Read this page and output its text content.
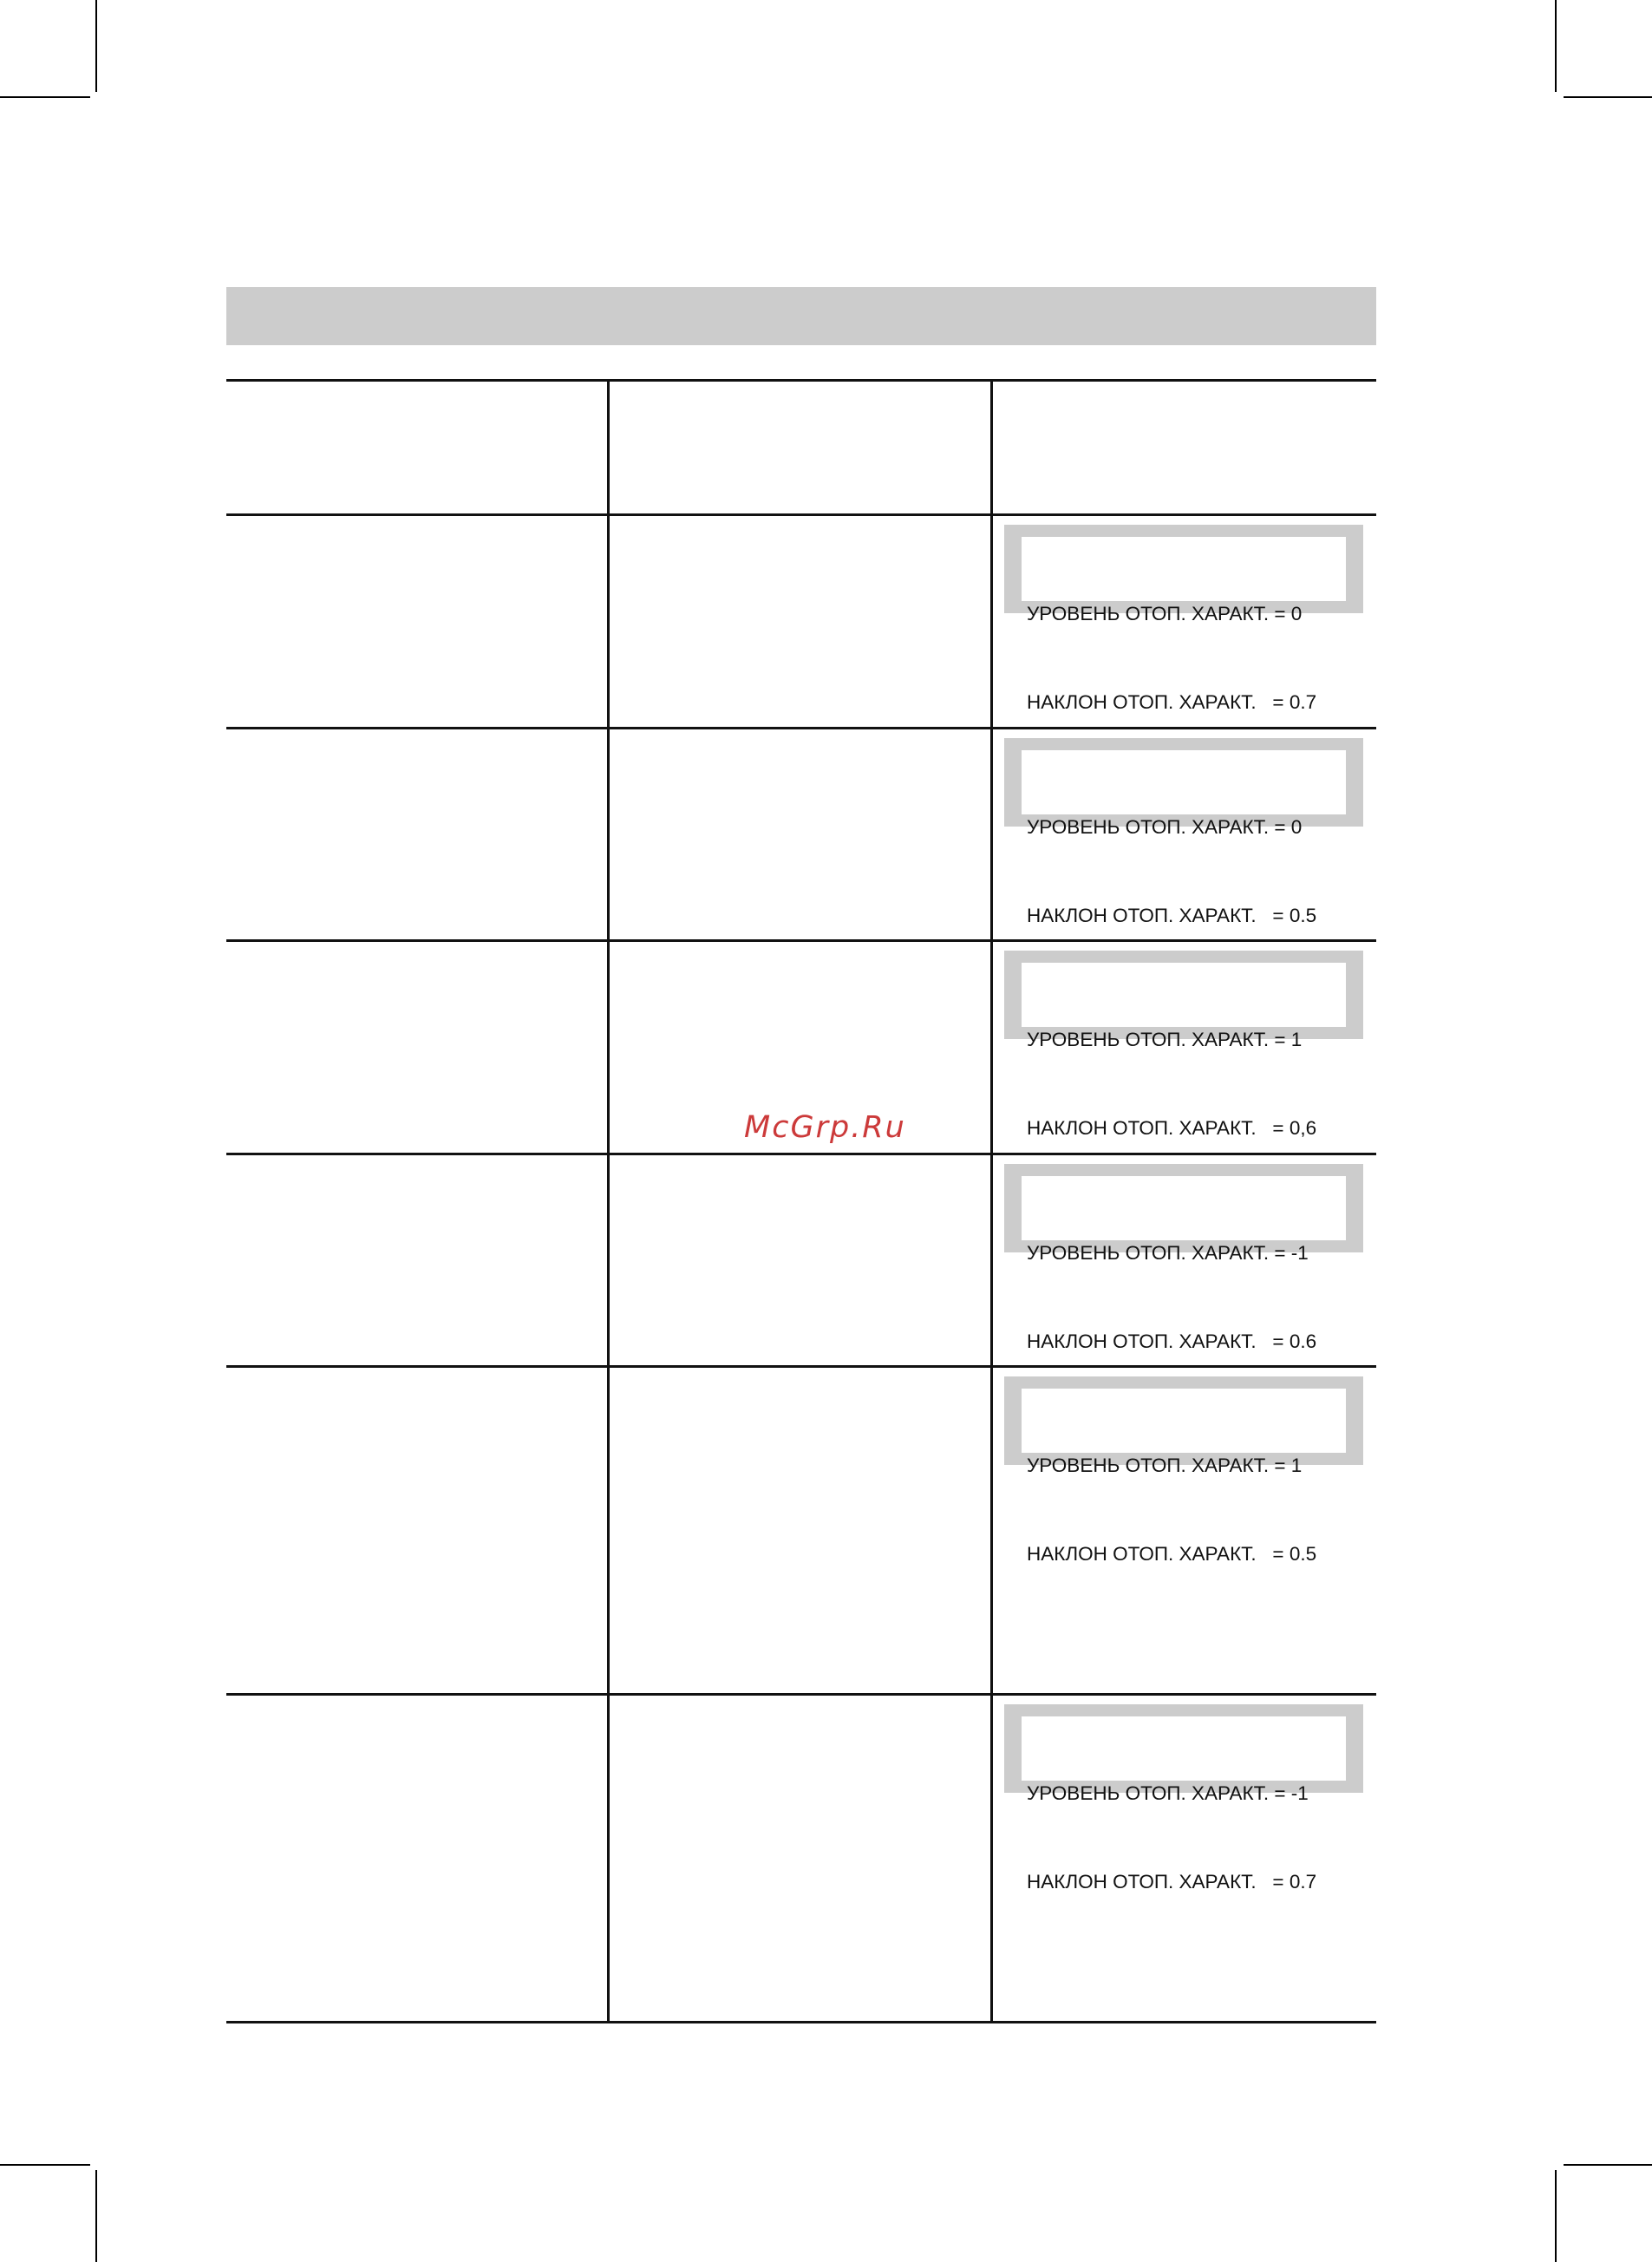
УРОВЕНЬ ОТОП. ХАРАКТ. = 0

НАКЛОН ОТОП. ХАРАКТ.   = 0.7

УРОВЕНЬ ОТОП. ХАРАКТ. = 0

НАКЛОН ОТОП. ХАРАКТ.   = 0.5

УРОВЕНЬ ОТОП. ХАРАКТ. = 1

НАКЛОН ОТОП. ХАРАКТ.   = 0,6

УРОВЕНЬ ОТОП. ХАРАКТ. = -1

НАКЛОН ОТОП. ХАРАКТ.   = 0.6

УРОВЕНЬ ОТОП. ХАРАКТ. = 1

НАКЛОН ОТОП. ХАРАКТ.   = 0.5

УРОВЕНЬ ОТОП. ХАРАКТ. = -1

НАКЛОН ОТОП. ХАРАКТ.   = 0.7

McGrp.Ru
